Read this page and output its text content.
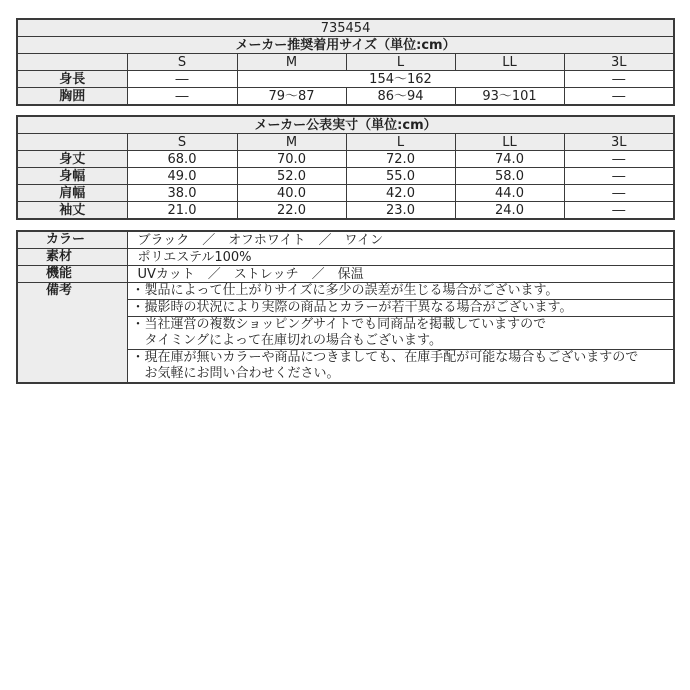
735454					
メーカー推奨着用サイズ（単位:cm）					
	S	M	L	LL	3L
身長	―	154～162			―
胸囲	―	79～87	86～94	93～101	―
メーカー公表実寸（単位:cm）					
	S	M	L	LL	3L
身丈	68.0	70.0	72.0	74.0	―
身幅	49.0	52.0	55.0	58.0	―
肩幅	38.0	40.0	42.0	44.0	―
袖丈	21.0	22.0	23.0	24.0	―
カラー	ブラック　／　オフホワイト　／　ワイン
素材	ポリエステル100%
機能	UVカット　／　ストレッチ　／　保温
備考	・製品によって仕上がりサイズに多少の誤差が生じる場合がございます。

	・撮影時の状況により実際の商品とカラーが若干異なる場合がございます。

	・当社運営の複数ショッピングサイトでも同商品を掲載していますので
　タイミングによって在庫切れの場合もございます。

	・現在庫が無いカラーや商品につきましても、在庫手配が可能な場合もございますので
　お気軽にお問い合わせください。
